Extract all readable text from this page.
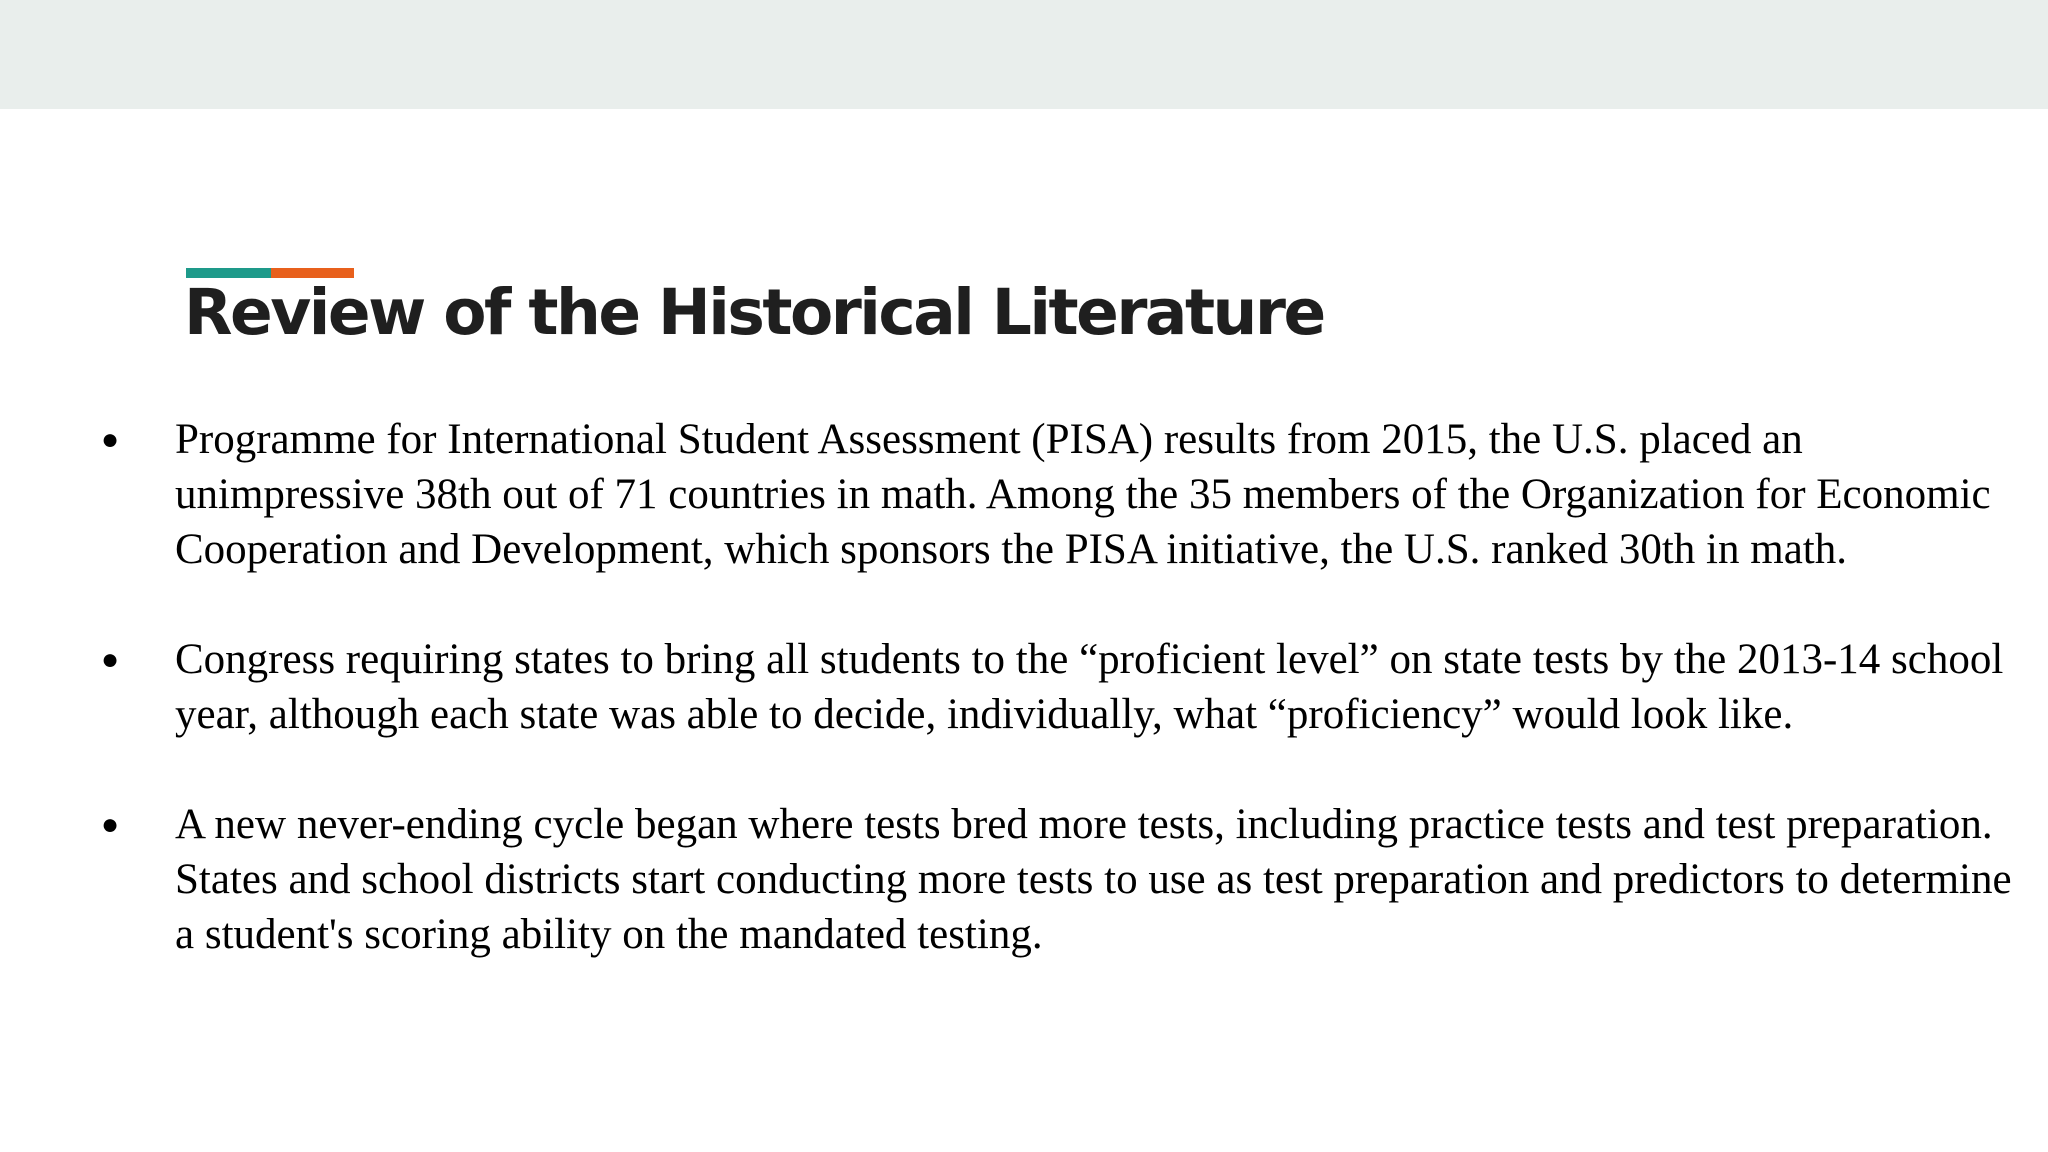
Review of the Historical Literature
● Programme for International Student Assessment (PISA) results from 2015, the U.S. placed an unimpressive 38th out of 71 countries in math. Among the 35 members of the Organization for Economic Cooperation and Development, which sponsors the PISA initiative, the U.S. ranked 30th in math.
● Congress requiring states to bring all students to the “proficient level” on state tests by the 2013-14 school year, although each state was able to decide, individually, what “proficiency” would look like.
● A new never-ending cycle began where tests bred more tests, including practice tests and test preparation. States and school districts start conducting more tests to use as test preparation and predictors to determine a student's scoring ability on the mandated testing.
